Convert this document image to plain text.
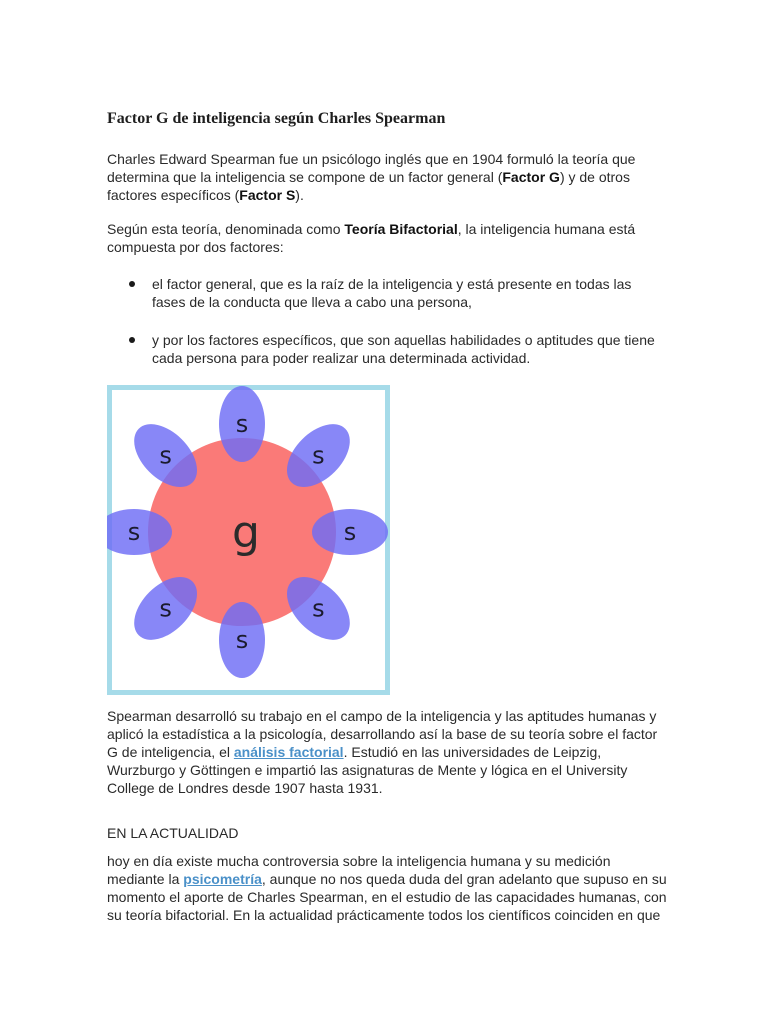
Factor G de inteligencia según Charles Spearman

Charles Edward Spearman fue un psicólogo inglés que en 1904 formuló la teoría que determina que la inteligencia se compone de un factor general (Factor G) y de otros factores específicos (Factor S).

Según esta teoría, denominada como Teoría Bifactorial, la inteligencia humana está compuesta por dos factores:

el factor general, que es la raíz de la inteligencia y está presente en todas las fases de la conducta que lleva a cabo una persona,
y por los factores específicos, que son aquellas habilidades o aptitudes que tiene cada persona para poder realizar una determinada actividad.

Spearman desarrolló su trabajo en el campo de la inteligencia y las aptitudes humanas y aplicó la estadística a la psicología, desarrollando así la base de su teoría sobre el factor G de inteligencia, el análisis factorial. Estudió en las universidades de Leipzig, Wurzburgo y Göttingen e impartió las asignaturas de Mente y lógica en el University College de Londres desde 1907 hasta 1931.

EN LA ACTUALIDAD

hoy en día existe mucha controversia sobre la inteligencia humana y su medición mediante la psicometría, aunque no nos queda duda del gran adelanto que supuso en su momento el aporte de Charles Spearman, en el estudio de las capacidades humanas, con su teoría bifactorial. En la actualidad prácticamente todos los científicos coinciden en que

g
s
s
s
s
s
s
s
s
